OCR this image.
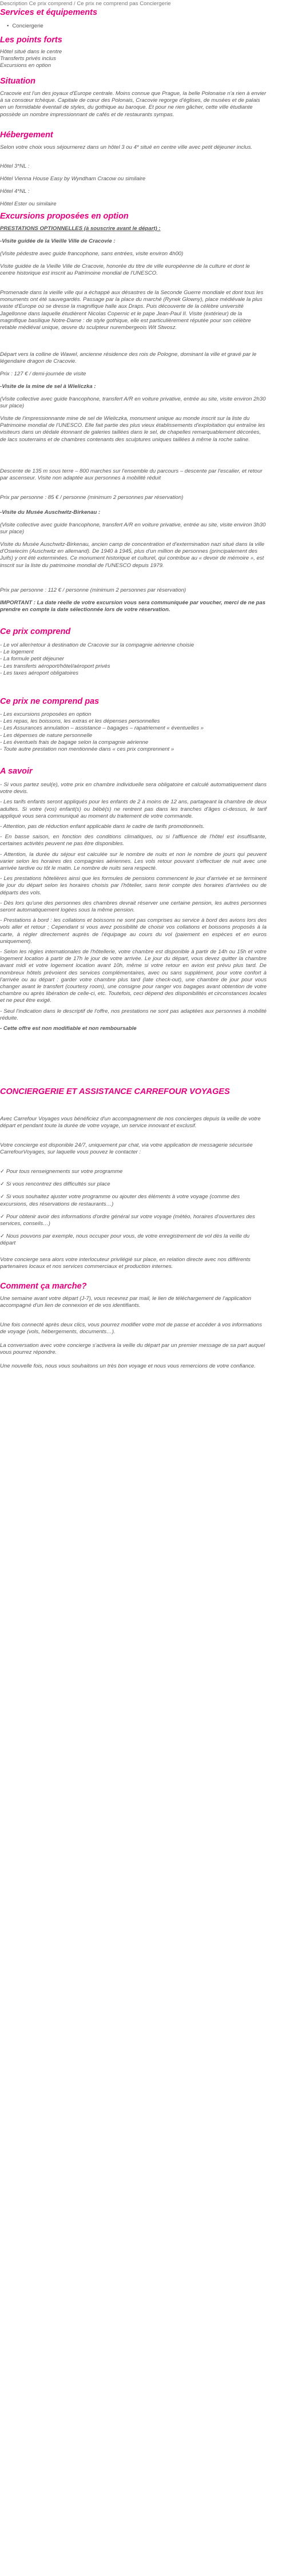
Description Ce prix comprend / Ce prix ne comprend pas Conciergerie
Services et équipements
• Conciergerie
Les points forts
Hôtel situé dans le centre
Transferts privés inclus
Excursions en option
Situation
Cracovie est l'un des joyaux d'Europe centrale. Moins connue que Prague, la belle Polonaise n'a rien à envier à sa consœur tchèque. Capitale de cœur des Polonais, Cracovie regorge d'églises, de musées et de palais en un formidable éventail de styles, du gothique au baroque. Et pour ne rien gâcher, cette ville étudiante possède un nombre impressionnant de cafés et de restaurants sympas.
Hébergement
Selon votre choix vous séjournerez dans un hôtel 3 ou 4* situé en centre ville avec petit déjeuner inclus.
Hôtel 3*NL :
Hôtel Vienna House Easy by Wyndham Cracow ou similaire
Hôtel 4*NL :
Hôtel Ester ou similaire
Excursions proposées en option
PRESTATIONS OPTIONNELLES (à souscrire avant le départ) :
-Visite guidée de la Vieille Ville de Cracovie :
(Visite pédestre avec guide francophone, sans entrées, visite environ 4h00)
Visite guidée de la Vieille Ville de Cracovie, honorée du titre de ville européenne de la culture et dont le centre historique est inscrit au Patrimoine mondial de l'UNESCO.
Promenade dans la vieille ville qui a échappé aux désastres de la Seconde Guerre mondiale et dont tous les monuments ont été sauvegardés. Passage par la place du marché (Rynek Glowny), place médiévale la plus vaste d'Europe où se dresse la magnifique halle aux Draps. Puis découverte de la célèbre université Jagellonne dans laquelle étudièrent Nicolas Copernic et le pape Jean-Paul II. Visite (extérieur) de la magnifique basilique Notre-Dame : de style gothique, elle est particulièrement réputée pour son célèbre retable médiéval unique, œuvre du sculpteur nurembergeois Wit Stwosz.
Départ vers la colline de Wawel, ancienne résidence des rois de Pologne, dominant la ville et gravé par le légendaire dragon de Cracovie.
Prix : 127 € / demi-journée de visite
-Visite de la mine de sel à Wieliczka :
(Visite collective avec guide francophone, transfert A/R en voiture privative, entrée au site, visite environ 2h30 sur place)
Visite de l'impressionnante mine de sel de Wieliczka, monument unique au monde inscrit sur la liste du Patrimoine mondial de l'UNESCO. Elle fait partie des plus vieux établissements d'exploitation qui entraîne les visiteurs dans un dédale étonnant de galeries taillées dans le sel, de chapelles remarquablement décorées, de lacs souterrains et de chambres contenants des sculptures uniques taillées à même la roche saline.
Descente de 135 m sous terre – 800 marches sur l'ensemble du parcours – descente par l'escalier, et retour par ascenseur. Visite non adaptée aux personnes à mobilité réduit
Prix par personne : 85 € / personne (minimum 2 personnes par réservation)
-Visite du Musée Auschwitz-Birkenau :
(Visite collective avec guide francophone, transfert A/R en voiture privative, entrée au site, visite environ 3h30 sur place)
Visite du Musée Auschwitz-Birkenau, ancien camp de concentration et d'extermination nazi situé dans la ville d'Oswiecim (Auschwitz en allemand). De 1940 à 1945, plus d'un million de personnes (principalement des Juifs) y ont été exterminées. Ce monument historique et culturel, qui contribue au « devoir de mémoire », est inscrit sur la liste du patrimoine mondial de l'UNESCO depuis 1979.
Prix par personne : 112 € / personne (minimum 2 personnes par réservation)
IMPORTANT : La date réelle de votre excursion vous sera communiquée par voucher, merci de ne pas prendre en compte la date sélectionnée lors de votre réservation.
Ce prix comprend
- Le vol aller/retour à destination de Cracovie sur la compagnie aérienne choisie
- Le logement
- La formule petit déjeuner
- Les transferts aéroport/hôtel/aéroport privés
- Les taxes aéroport obligatoires
Ce prix ne comprend pas
- Les excursions proposées en option
- Les repas, les boissons, les extras et les dépenses personnelles
- Les Assurances annulation – assistance – bagages – rapatriement « éventuelles »
- Les dépenses de nature personnelle
- Les éventuels frais de bagage selon la compagnie aérienne
- Toute autre prestation non mentionnée dans « ces prix comprennent »
A savoir
- Si vous partez seul(e), votre prix en chambre individuelle sera obligatoire et calculé automatiquement dans votre devis.
- Les tarifs enfants seront appliqués pour les enfants de 2 à moins de 12 ans, partageant la chambre de deux adultes. Si votre (vos) enfant(s) ou bébé(s) ne rentrent pas dans les tranches d'âges ci-dessus, le tarif appliqué vous sera communiqué au moment du traitement de votre commande.
- Attention, pas de réduction enfant applicable dans le cadre de tarifs promotionnels.
- En basse saison, en fonction des conditions climatiques, ou si l'affluence de l'hôtel est insuffisante, certaines activités peuvent ne pas être disponibles.
- Attention, la durée du séjour est calculée sur le nombre de nuits et non le nombre de jours qui peuvent varier selon les horaires des compagnies aériennes. Les vols retour pouvant s'effectuer de nuit avec une arrivée tardive ou tôt le matin. Le nombre de nuits sera respecté.
- Les prestations hôtelières ainsi que les formules de pensions commencent le jour d'arrivée et se terminent le jour du départ selon les horaires choisis par l'hôtelier, sans tenir compte des horaires d'arrivées ou de départs des vols.
- Dès lors qu'une des personnes des chambres devrait réserver une certaine pension, les autres personnes seront automatiquement logées sous la même pension.
- Prestations à bord : les collations et boissons ne sont pas comprises au service à bord des avions lors des vols aller et retour ; Cependant si vous avez possibilité de choisir vos collations et boissons proposés à la carte, à régler directement auprès de l'équipage au cours du vol (paiement en espèces et en euros uniquement).
- Selon les règles internationales de l'hôtellerie, votre chambre est disponible à partir de 14h ou 15h et votre logement location à partir de 17h le jour de votre arrivée. Le jour du départ, vous devez quitter la chambre avant midi et votre logement location avant 10h, même si votre retour en avion est prévu plus tard. De nombreux hôtels prévoient des services complémentaires, avec ou sans supplément, pour votre confort à l'arrivée ou au départ : garder votre chambre plus tard (late check-out), une chambre de jour pour vous changer avant le transfert (courtesy room), une consigne pour ranger vos bagages avant obtention de votre chambre ou après libération de celle-ci, etc. Toutefois, ceci dépend des disponibilités et circonstances locales et ne peut être exigé.
- Seul l'indication dans le descriptif de l'offre, nos prestations ne sont pas adaptées aux personnes à mobilité réduite.
- Cette offre est non modifiable et non remboursable
CONCIERGERIE ET ASSISTANCE CARREFOUR VOYAGES
Avec Carrefour Voyages vous bénéficiez d'un accompagnement de nos concierges depuis la veille de votre départ et pendant toute la durée de votre voyage, un service innovant et exclusif.
Votre concierge est disponible 24/7, uniquement par chat, via votre application de messagerie sécurisée CarrefourVoyages, sur laquelle vous pouvez le contacter :
✓ Pour tous renseignements sur votre programme
✓ Si vous rencontrez des difficultés sur place
✓ Si vous souhaitez ajuster votre programme ou ajouter des éléments à votre voyage (comme des excursions, des réservations de restaurants…)
✓ Pour obtenir avoir des informations d'ordre général sur votre voyage (météo, horaires d'ouvertures des services, conseils…)
✓ Nous pouvons par exemple, nous occuper pour vous, de votre enregistrement de vol dès la veille du départ
Votre concierge sera alors votre interlocuteur privilégié sur place, en relation directe avec nos différents partenaires locaux et nos services commerciaux et production internes.
Comment ça marche?
Une semaine avant votre départ (J-7), vous recevrez par mail, le lien de téléchargement de l'application accompagné d'un lien de connexion et de vos identifiants.
Une fois connecté après deux clics, vous pourrez modifier votre mot de passe et accéder à vos informations de voyage (vols, hébergements, documents…).
La conversation avec votre concierge s'activera la veille du départ par un premier message de sa part auquel vous pourrez répondre.
Une nouvelle fois, nous vous souhaitons un très bon voyage et nous vous remercions de votre confiance.
